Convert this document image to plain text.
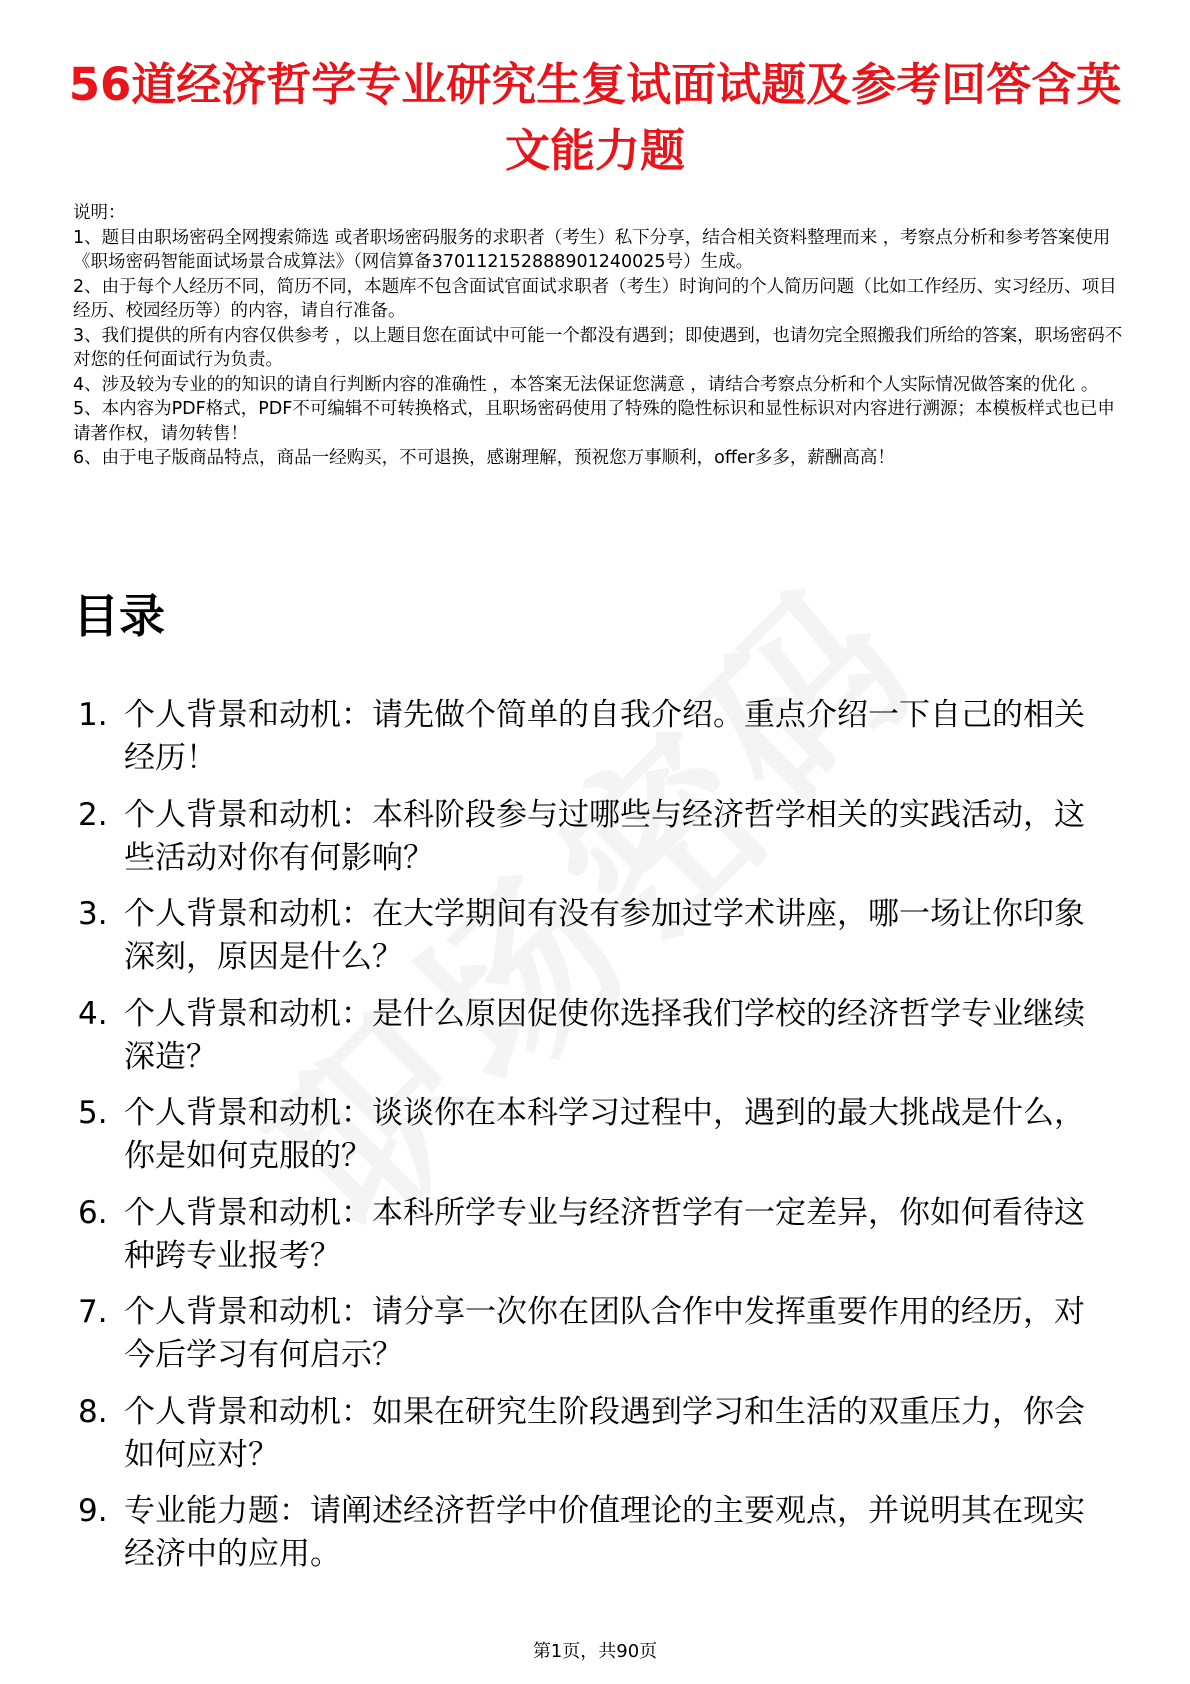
56道经济哲学专业研究生复试面试题及参考回答含英文能力题

说明：

1、题目由职场密码全网搜索筛选 或者职场密码服务的求职者（考生）私下分享，结合相关资料整理而来 ，考察点分析和参考答案使用《职场密码智能面试场景合成算法》（网信算备370112152888901240025号）生成。

2、由于每个人经历不同，简历不同，本题库不包含面试官面试求职者（考生）时询问的个人简历问题（比如工作经历、实习经历、项目经历、校园经历等）的内容，请自行准备。

3、我们提供的所有内容仅供参考 ，以上题目您在面试中可能一个都没有遇到；即使遇到，也请勿完全照搬我们所给的答案，职场密码不对您的任何面试行为负责。

4、涉及较为专业的的知识的请自行判断内容的准确性 ，本答案无法保证您满意 ，请结合考察点分析和个人实际情况做答案的优化 。

5、本内容为PDF格式，PDF不可编辑不可转换格式，且职场密码使用了特殊的隐性标识和显性标识对内容进行溯源；本模板样式也已申请著作权，请勿转售！

6、由于电子版商品特点，商品一经购买，不可退换，感谢理解，预祝您万事顺利，offer多多，薪酬高高！

目录
1. 个人背景和动机：请先做个简单的自我介绍。重点介绍一下自己的相关经历！
2. 个人背景和动机：本科阶段参与过哪些与经济哲学相关的实践活动，这些活动对你有何影响？
3. 个人背景和动机：在大学期间有没有参加过学术讲座，哪一场让你印象深刻，原因是什么？
4. 个人背景和动机：是什么原因促使你选择我们学校的经济哲学专业继续深造？
5. 个人背景和动机：谈谈你在本科学习过程中，遇到的最大挑战是什么，你是如何克服的？
6. 个人背景和动机：本科所学专业与经济哲学有一定差异，你如何看待这种跨专业报考？
7. 个人背景和动机：请分享一次你在团队合作中发挥重要作用的经历，对今后学习有何启示？
8. 个人背景和动机：如果在研究生阶段遇到学习和生活的双重压力，你会如何应对？
9. 专业能力题：请阐述经济哲学中价值理论的主要观点，并说明其在现实经济中的应用。
第1页，共90页
